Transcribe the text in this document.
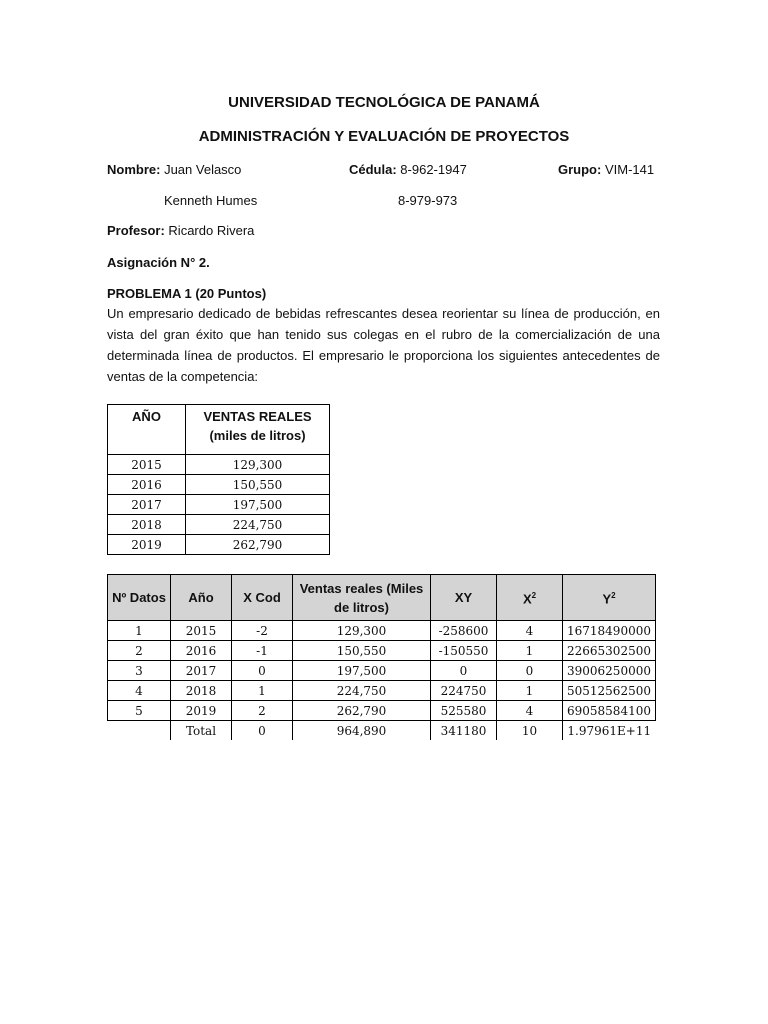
UNIVERSIDAD TECNOLÓGICA DE PANAMÁ
ADMINISTRACIÓN Y EVALUACIÓN DE PROYECTOS
Nombre: Juan Velasco	Cédula: 8-962-1947	Grupo: VIM-141
Kenneth Humes	8-979-973
Profesor: Ricardo Rivera
Asignación N° 2.
PROBLEMA 1 (20 Puntos)
Un empresario dedicado de bebidas refrescantes desea reorientar su línea de producción, en vista del gran éxito que han tenido sus colegas en el rubro de la comercialización de una determinada línea de productos. El empresario le proporciona los siguientes antecedentes de ventas de la competencia:
AÑO	VENTAS REALES
(miles de litros)
2015	129,300
2016	150,550
2017	197,500
2018	224,750
2019	262,790
Nº Datos	Año	X Cod	Ventas reales (Miles
de litros)	XY	$X^2$	$Y^2$
1	2015	-2	129,300	-258600	4	16718490000
2	2016	-1	150,550	-150550	1	22665302500
3	2017	0	197,500	0	0	39006250000
4	2018	1	224,750	224750	1	50512562500
5	2019	2	262,790	525580	4	69058584100
	Total	0	964,890	341180	10	1.97961E+11
